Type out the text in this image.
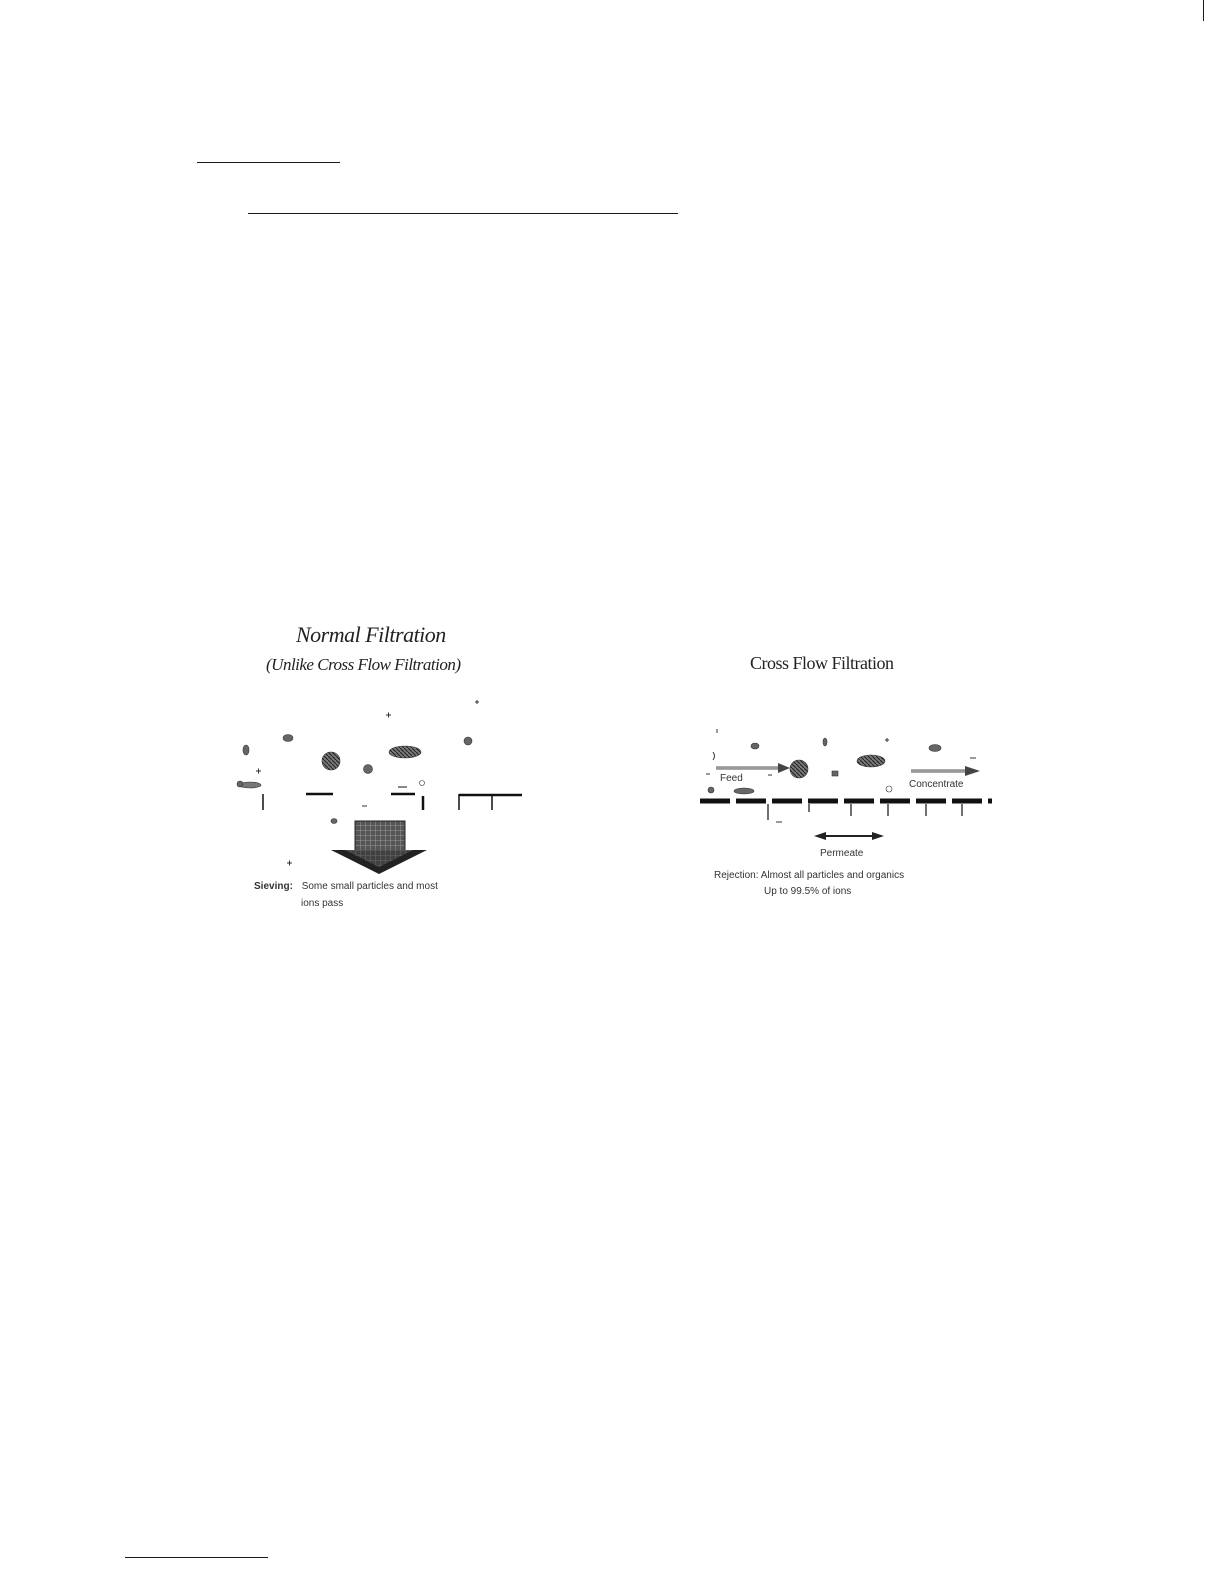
Normal Filtration
(Unlike Cross Flow Filtration)
Sieving: Some small particles and most
ions pass
Cross Flow Filtration
Feed
Concentrate
Permeate
Rejection: Almost all particles and organics
Up to 99.5% of ions
